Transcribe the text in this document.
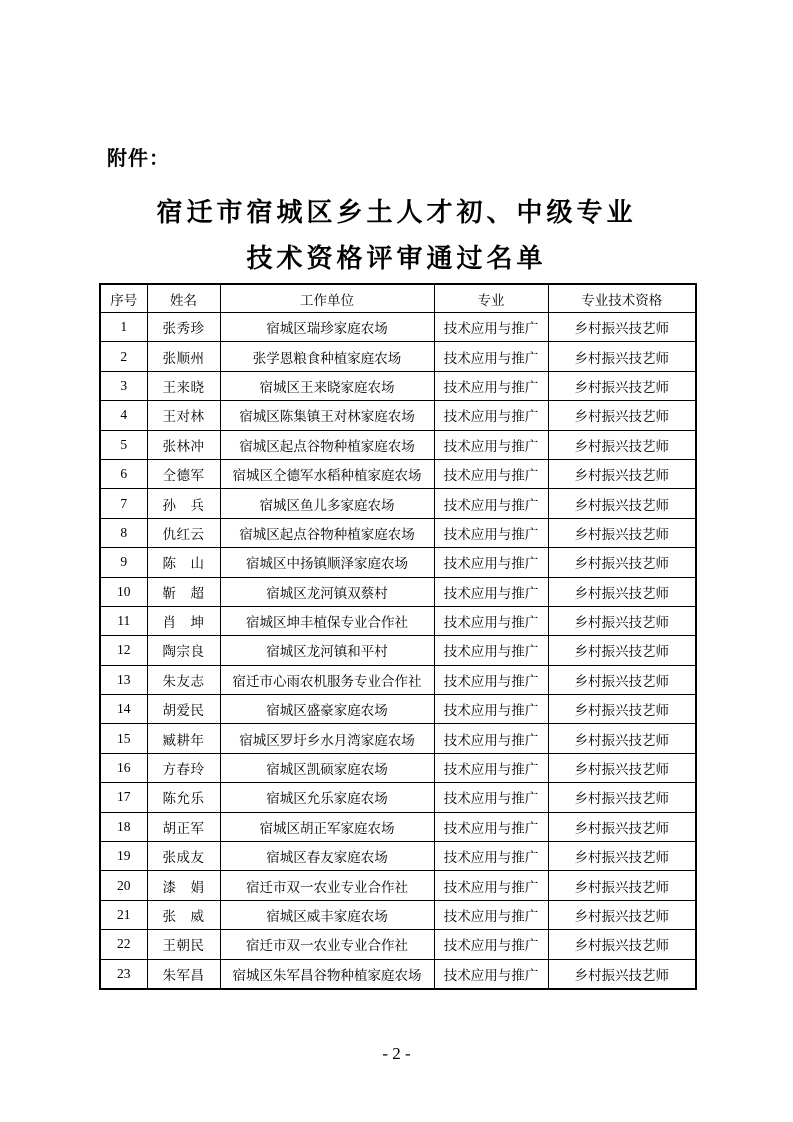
附件：
宿迁市宿城区乡土人才初、中级专业
技术资格评审通过名单
序号	姓名	工作单位	专业	专业技术资格
1	张秀珍	宿城区瑞珍家庭农场	技术应用与推广	乡村振兴技艺师
2	张顺州	张学恩粮食种植家庭农场	技术应用与推广	乡村振兴技艺师
3	王来晓	宿城区王来晓家庭农场	技术应用与推广	乡村振兴技艺师
4	王对林	宿城区陈集镇王对林家庭农场	技术应用与推广	乡村振兴技艺师
5	张林冲	宿城区起点谷物种植家庭农场	技术应用与推广	乡村振兴技艺师
6	仝德军	宿城区仝德军水稻种植家庭农场	技术应用与推广	乡村振兴技艺师
7	孙　兵	宿城区鱼儿多家庭农场	技术应用与推广	乡村振兴技艺师
8	仇红云	宿城区起点谷物种植家庭农场	技术应用与推广	乡村振兴技艺师
9	陈　山	宿城区中扬镇顺泽家庭农场	技术应用与推广	乡村振兴技艺师
10	靳　超	宿城区龙河镇双蔡村	技术应用与推广	乡村振兴技艺师
11	肖　坤	宿城区坤丰植保专业合作社	技术应用与推广	乡村振兴技艺师
12	陶宗良	宿城区龙河镇和平村	技术应用与推广	乡村振兴技艺师
13	朱友志	宿迁市心雨农机服务专业合作社	技术应用与推广	乡村振兴技艺师
14	胡爱民	宿城区盛豪家庭农场	技术应用与推广	乡村振兴技艺师
15	臧耕年	宿城区罗圩乡水月湾家庭农场	技术应用与推广	乡村振兴技艺师
16	方春玲	宿城区凯硕家庭农场	技术应用与推广	乡村振兴技艺师
17	陈允乐	宿城区允乐家庭农场	技术应用与推广	乡村振兴技艺师
18	胡正军	宿城区胡正军家庭农场	技术应用与推广	乡村振兴技艺师
19	张成友	宿城区春友家庭农场	技术应用与推广	乡村振兴技艺师
20	漆　娟	宿迁市双一农业专业合作社	技术应用与推广	乡村振兴技艺师
21	张　威	宿城区威丰家庭农场	技术应用与推广	乡村振兴技艺师
22	王朝民	宿迁市双一农业专业合作社	技术应用与推广	乡村振兴技艺师
23	朱军昌	宿城区朱军昌谷物种植家庭农场	技术应用与推广	乡村振兴技艺师
- 2 -
